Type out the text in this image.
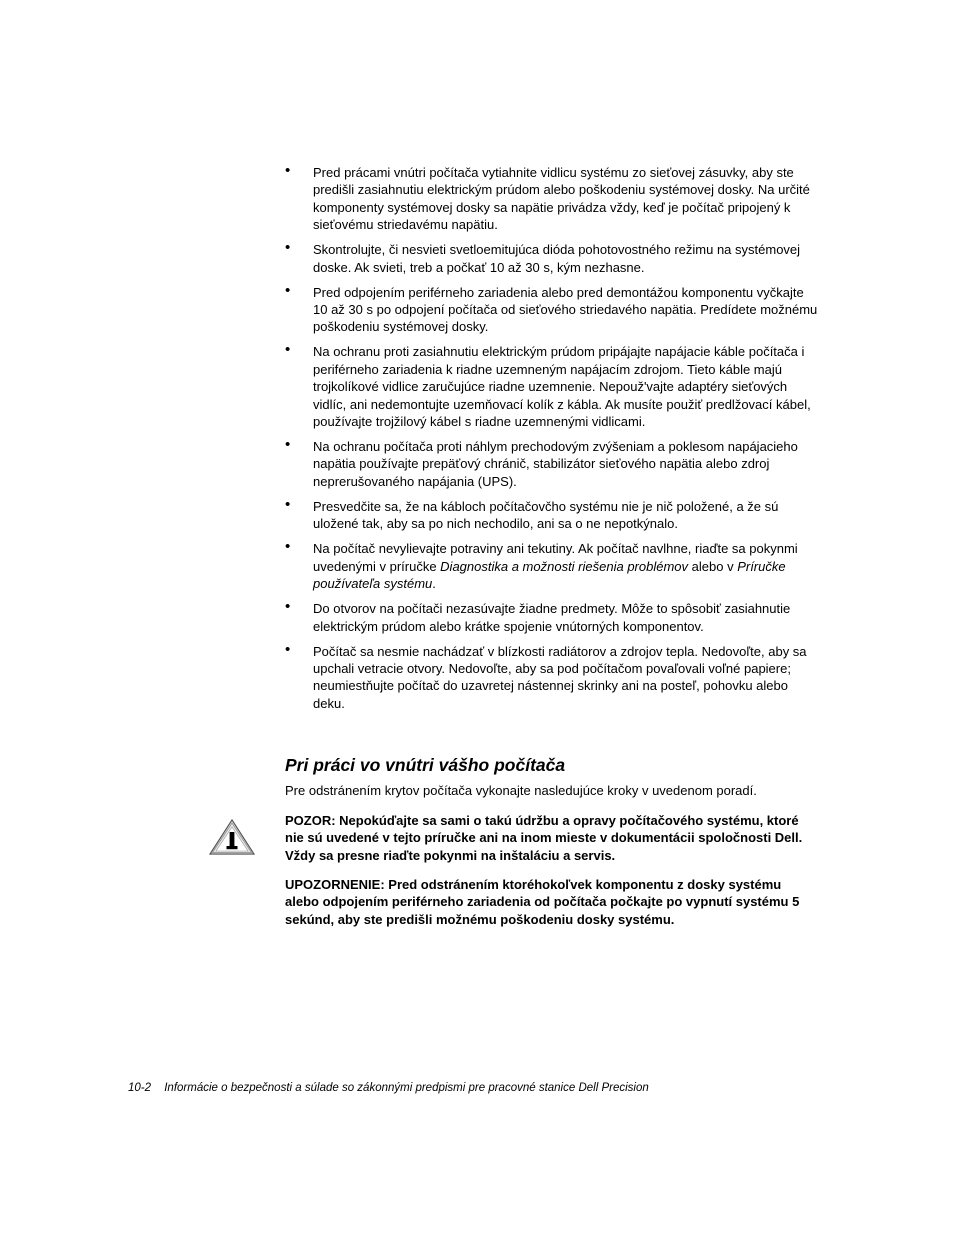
• Pred prácami vnútri počítača vytiahnite vidlicu systému zo sieťovej zásuvky, aby ste predišli zasiahnutiu elektrickým prúdom alebo poškodeniu systémovej dosky. Na určité komponenty systémovej dosky sa napätie privádza vždy, keď je počítač pripojený k sieťovému striedavému napätiu.
• Skontrolujte, či nesvieti svetloemitujúca dióda pohotovostného režimu na systémovej doske. Ak svieti, treb a počkať 10 až 30 s, kým nezhasne.
• Pred odpojením periférneho zariadenia alebo pred demontážou komponentu vyčkajte 10 až 30 s po odpojení počítača od sieťového striedavého napätia. Predídete možnému poškodeniu systémovej dosky.
• Na ochranu proti zasiahnutiu elektrickým prúdom pripájajte napájacie káble počítača i periférneho zariadenia k riadne uzemneným napájacím zdrojom. Tieto káble majú trojkolíkové vidlice zaručujúce riadne uzemnenie. Nepouž'vajte adaptéry sieťových vidlíc, ani nedemontujte uzemňovací kolík z kábla. Ak musíte použiť predlžovací kábel, používajte trojžilový kábel s riadne uzemnenými vidlicami.
• Na ochranu počítača proti náhlym prechodovým zvýšeniam a poklesom napájacieho napätia používajte prepäťový chránič, stabilizátor sieťového napätia alebo zdroj neprerušovaného napájania (UPS).
• Presvedčite sa, že na kábloch počítačovčho systému nie je nič položené, a že sú uložené tak, aby sa po nich nechodilo, ani sa o ne nepotkýnalo.
• Na počítač nevylievajte potraviny ani tekutiny. Ak počítač navlhne, riaďte sa pokynmi uvedenými v príručke Diagnostika a možnosti riešenia problémov alebo v Príručke používateľa systému.
• Do otvorov na počítači nezasúvajte žiadne predmety. Môže to spôsobiť zasiahnutie elektrickým prúdom alebo krátke spojenie vnútorných komponentov.
• Počítač sa nesmie nachádzať v blízkosti radiátorov a zdrojov tepla. Nedovoľte, aby sa upchali vetracie otvory. Nedovoľte, aby sa pod počítačom povaľovali voľné papiere; neumiestňujte počítač do uzavretej nástennej skrinky ani na posteľ, pohovku alebo deku.
Pri práci vo vnútri vášho počítača

Pre odstránením krytov počítača vykonajte nasledujúce kroky v uvedenom poradí.

POZOR: Nepokúďajte sa sami o takú údržbu a opravy počítačového systému, ktoré nie sú uvedené v tejto príručke ani na inom mieste v dokumentácii spoločnosti Dell. Vždy sa presne riaďte pokynmi na inštaláciu a servis.

UPOZORNENIE: Pred odstránením ktoréhokoľvek komponentu z dosky systému alebo odpojením periférneho zariadenia od počítača počkajte po vypnutí systému 5 sekúnd, aby ste predišli možnému poškodeniu dosky systému.

10-2 Informácie o bezpečnosti a súlade so zákonnými predpismi pre pracovné stanice Dell Precision
